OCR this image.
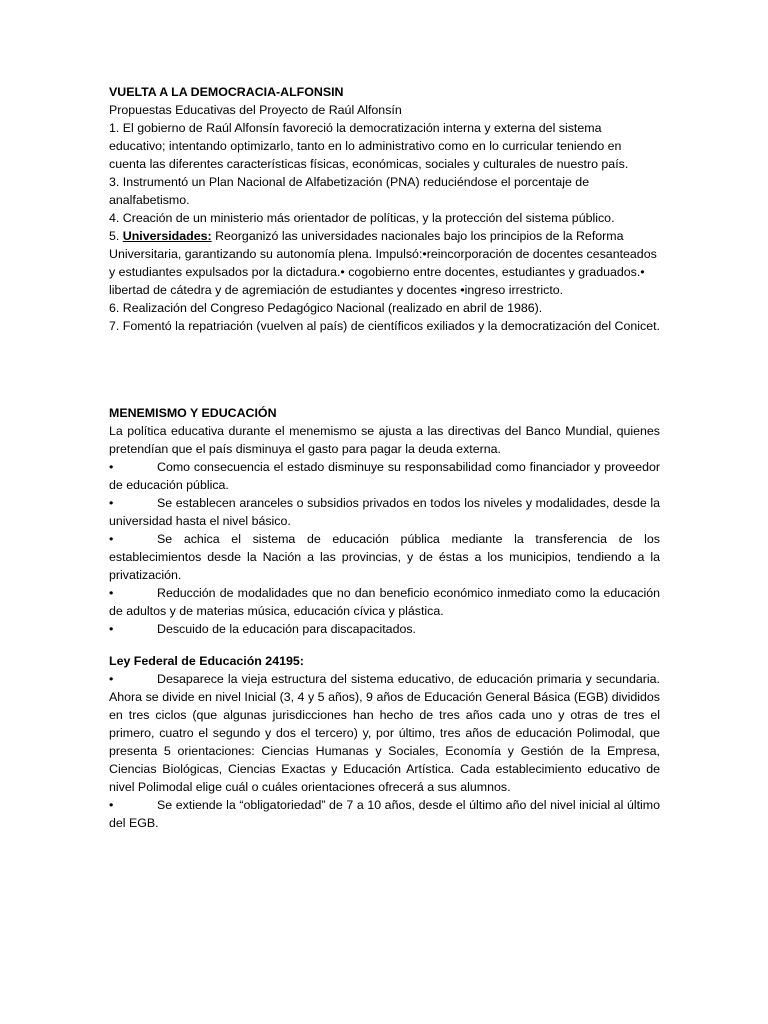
VUELTA A LA DEMOCRACIA-ALFONSIN

Propuestas Educativas del Proyecto de Raúl Alfonsín

1. El gobierno de Raúl Alfonsín favoreció la democratización interna y externa del sistema educativo; intentando optimizarlo, tanto en lo administrativo como en lo curricular teniendo en cuenta las diferentes características físicas, económicas, sociales y culturales de nuestro país.

3. Instrumentó un Plan Nacional de Alfabetización (PNA) reduciéndose el porcentaje de analfabetismo.

4. Creación de un ministerio más orientador de políticas, y la protección del sistema público.

5. Universidades: Reorganizó las universidades nacionales bajo los principios de la Reforma Universitaria, garantizando su autonomía plena. Impulsó:•reincorporación de docentes cesanteados y estudiantes expulsados por la dictadura.• cogobierno entre docentes, estudiantes y graduados.• libertad de cátedra y de agremiación de estudiantes y docentes •ingreso irrestricto.

6. Realización del Congreso Pedagógico Nacional (realizado en abril de 1986).

7. Fomentó la repatriación (vuelven al país) de científicos exiliados y la democratización del Conicet.

MENEMISMO Y EDUCACIÓN

La política educativa durante el menemismo se ajusta a las directivas del Banco Mundial, quienes pretendían que el país disminuya el gasto para pagar la deuda externa.

•	Como consecuencia el estado disminuye su responsabilidad como financiador y proveedor de educación pública.

•	Se establecen aranceles o subsidios privados en todos los niveles y modalidades, desde la universidad hasta el nivel básico.

•	Se achica el sistema de educación pública mediante la transferencia de los establecimientos desde la Nación a las provincias, y de éstas a los municipios, tendiendo a la privatización.

•	Reducción de modalidades que no dan beneficio económico inmediato como la educación de adultos y de materias música, educación cívica y plástica.

•	Descuido de la educación para discapacitados.

Ley Federal de Educación 24195:

•	Desaparece la vieja estructura del sistema educativo, de educación primaria y secundaria. Ahora se divide en nivel Inicial (3, 4 y 5 años), 9 años de Educación General Básica (EGB) divididos en tres ciclos (que algunas jurisdicciones han hecho de tres años cada uno y otras de tres el primero, cuatro el segundo y dos el tercero) y, por último, tres años de educación Polimodal, que presenta 5 orientaciones: Ciencias Humanas y Sociales, Economía y Gestión de la Empresa, Ciencias Biológicas, Ciencias Exactas y Educación Artística. Cada establecimiento educativo de nivel Polimodal elige cuál o cuáles orientaciones ofrecerá a sus alumnos.

•	Se extiende la “obligatoriedad” de 7 a 10 años, desde el último año del nivel inicial al último del EGB.
